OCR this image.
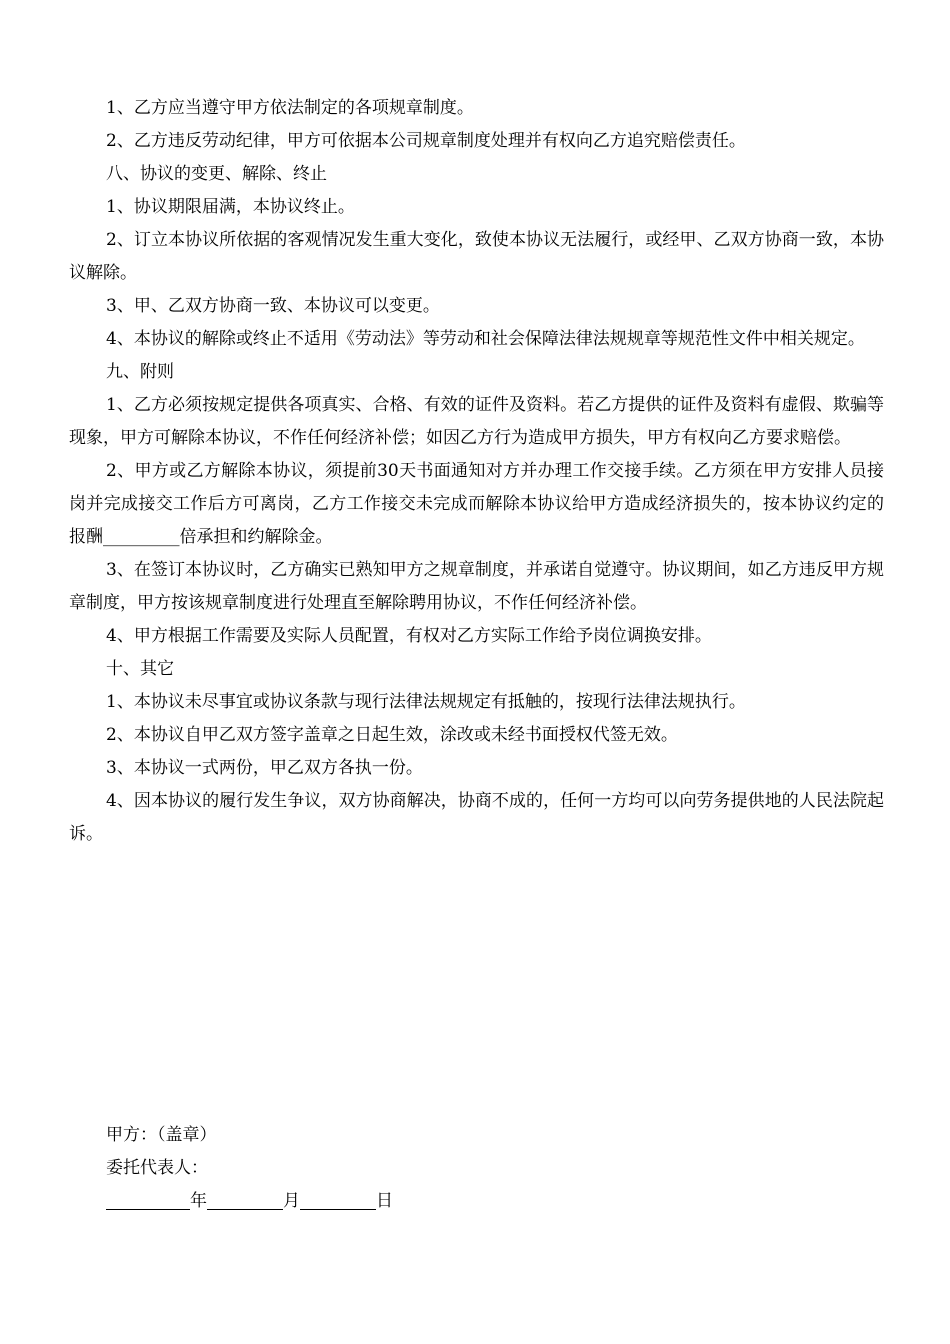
1、乙方应当遵守甲方依法制定的各项规章制度。

2、乙方违反劳动纪律，甲方可依据本公司规章制度处理并有权向乙方追究赔偿责任。

八、协议的变更、解除、终止

1、协议期限届满，本协议终止。

2、订立本协议所依据的客观情况发生重大变化，致使本协议无法履行，或经甲、乙双方协商一致，本协议解除。

3、甲、乙双方协商一致、本协议可以变更。

4、本协议的解除或终止不适用《劳动法》等劳动和社会保障法律法规规章等规范性文件中相关规定。

九、附则

1、乙方必须按规定提供各项真实、合格、有效的证件及资料。若乙方提供的证件及资料有虚假、欺骗等现象，甲方可解除本协议，不作任何经济补偿；如因乙方行为造成甲方损失，甲方有权向乙方要求赔偿。

2、甲方或乙方解除本协议，须提前30天书面通知对方并办理工作交接手续。乙方须在甲方安排人员接岗并完成接交工作后方可离岗，乙方工作接交未完成而解除本协议给甲方造成经济损失的，按本协议约定的报酬_________倍承担和约解除金。

3、在签订本协议时，乙方确实已熟知甲方之规章制度，并承诺自觉遵守。协议期间，如乙方违反甲方规章制度，甲方按该规章制度进行处理直至解除聘用协议，不作任何经济补偿。

4、甲方根据工作需要及实际人员配置，有权对乙方实际工作给予岗位调换安排。

十、其它

1、本协议未尽事宜或协议条款与现行法律法规规定有抵触的，按现行法律法规执行。

2、本协议自甲乙双方签字盖章之日起生效，涂改或未经书面授权代签无效。

3、本协议一式两份，甲乙双方各执一份。

4、因本协议的履行发生争议，双方协商解决，协商不成的，任何一方均可以向劳务提供地的人民法院起诉。

甲方：（盖章）

委托代表人：

年	月	日
